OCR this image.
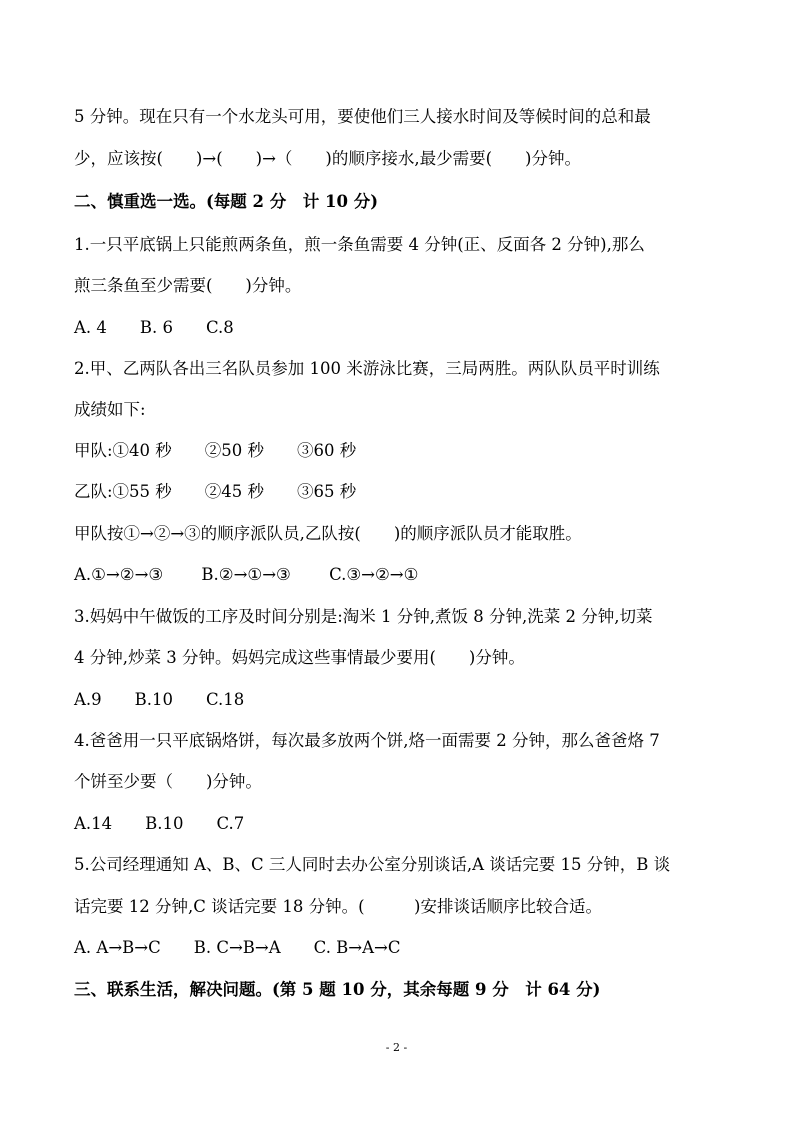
5 分钟。现在只有一个水龙头可用，要使他们三人接水时间及等候时间的总和最
少，应该按(　　)→(　　)→（　　)的顺序接水,最少需要(　　)分钟。
二、慎重选一选。(每题 2 分　计 10 分)
1.一只平底锅上只能煎两条鱼，煎一条鱼需要 4 分钟(正、反面各 2 分钟),那么
煎三条鱼至少需要(　　)分钟。
A. 4　　B. 6　　C.8
2.甲、乙两队各出三名队员参加 100 米游泳比赛，三局两胜。两队队员平时训练
成绩如下:
甲队:①40 秒　　②50 秒　　③60 秒
乙队:①55 秒　　②45 秒　　③65 秒
甲队按①→②→③的顺序派队员,乙队按(　　)的顺序派队员才能取胜。
A.①→②→③　　 B.②→①→③　　 C.③→②→①
3.妈妈中午做饭的工序及时间分别是:淘米 1 分钟,煮饭 8 分钟,洗菜 2 分钟,切菜
4 分钟,炒菜 3 分钟。妈妈完成这些事情最少要用(　　)分钟。
A.9　　B.10　　C.18
4.爸爸用一只平底锅烙饼，每次最多放两个饼,烙一面需要 2 分钟，那么爸爸烙 7
个饼至少要（　　)分钟。
A.14　　B.10　　C.7
5.公司经理通知 A、B、C 三人同时去办公室分别谈话,A 谈话完要 15 分钟，B 谈
话完要 12 分钟,C 谈话完要 18 分钟。(　　　)安排谈话顺序比较合适。
A. A→B→C　　B. C→B→A　　C. B→A→C
三、联系生活，解决问题。(第 5 题 10 分，其余每题 9 分　计 64 分)
- 2 -
